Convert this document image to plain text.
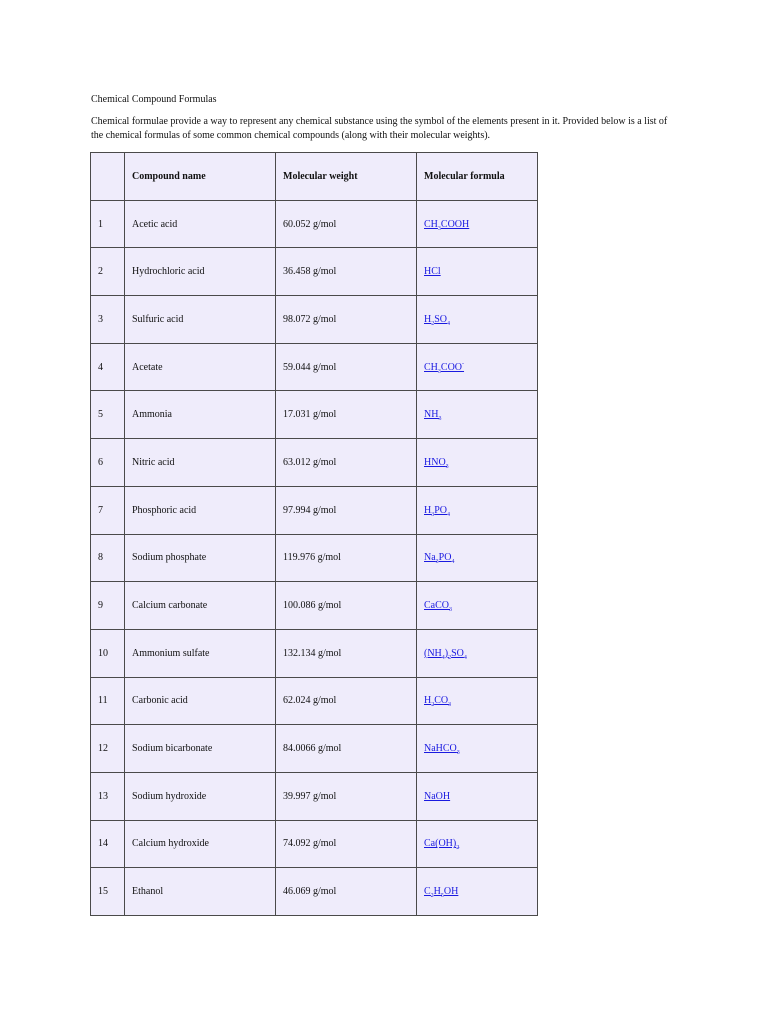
Chemical Compound Formulas
Chemical formulae provide a way to represent any chemical substance using the symbol of the elements present in it. Provided below is a list of the chemical formulas of some common chemical compounds (along with their molecular weights).
	Compound name	Molecular weight	Molecular formula
1	Acetic acid	60.052 g/mol	$CH_3COOH$
2	Hydrochloric acid	36.458 g/mol	HCl
3	Sulfuric acid	98.072 g/mol	$H_2SO_4$
4	Acetate	59.044 g/mol	$CH_3COO^-$
5	Ammonia	17.031 g/mol	$NH_3$
6	Nitric acid	63.012 g/mol	$HNO_3$
7	Phosphoric acid	97.994 g/mol	$H_3PO_4$
8	Sodium phosphate	119.976 g/mol	$Na_3PO_4$
9	Calcium carbonate	100.086 g/mol	CaCO$_3$
10	Ammonium sulfate	132.134 g/mol	$(NH_4)_2SO_4$
11	Carbonic acid	62.024 g/mol	$H_2CO_3$
12	Sodium bicarbonate	84.0066 g/mol	NaHCO$_3$
13	Sodium hydroxide	39.997 g/mol	NaOH
14	Calcium hydroxide	74.092 g/mol	$Ca(OH)_2$
15	Ethanol	46.069 g/mol	$C_2H_5OH$
